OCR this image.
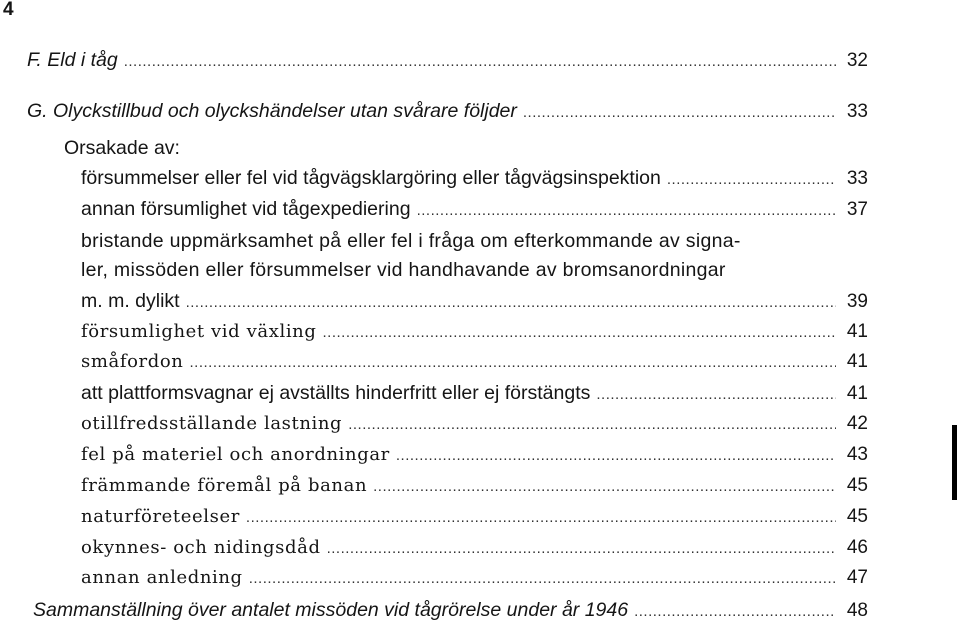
4
F. Eld i tåg .....	32
G. Olyckstillbud och olyckshändelser utan svårare följder .....	33
Orsakade av:
försummelser eller fel vid tågvägsklargöring eller tågvägsinspektion .....	33
annan försumlighet vid tågexpediering .....	37
bristande uppmärksamhet på eller fel i fråga om efterkommande av signa-
ler, missöden eller försummelser vid handhavande av bromsanordningar
m. m. dylikt .....	39
försumlighet vid växling .....	41
småfordon .....	41
att plattformsvagnar ej avställts hinderfritt eller ej förstängts .....	41
otillfredsställande lastning .....	42
fel på materiel och anordningar .....	43
främmande föremål på banan .....	45
naturföreteelser .....	45
okynnes- och nidingsdåd .....	46
annan anledning .....	47
Sammanställning över antalet missöden vid tågrörelse under år 1946 .....	48
